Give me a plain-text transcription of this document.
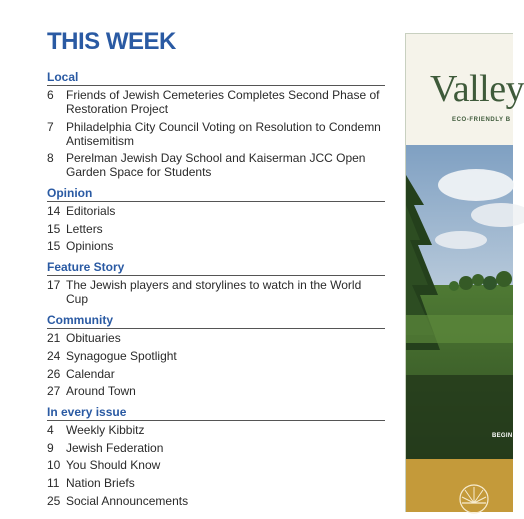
THIS WEEK
Local
6	Friends of Jewish Cemeteries Completes Second Phase of Restoration Project
7	Philadelphia City Council Voting on Resolution to Condemn Antisemitism
8	Perelman Jewish Day School and Kaiserman JCC Open Garden Space for Students
Opinion
14 Editorials
15 Letters
15 Opinions
Feature Story
17 The Jewish players and storylines to watch in the World Cup
Community
21 Obituaries
24 Synagogue Spotlight
26 Calendar
27 Around Town
In every issue
4	Weekly Kibbitz
9	Jewish Federation
10 You Should Know
11 Nation Briefs
25 Social Announcements
Valley
ECO-FRIENDLY B
BEGIN
